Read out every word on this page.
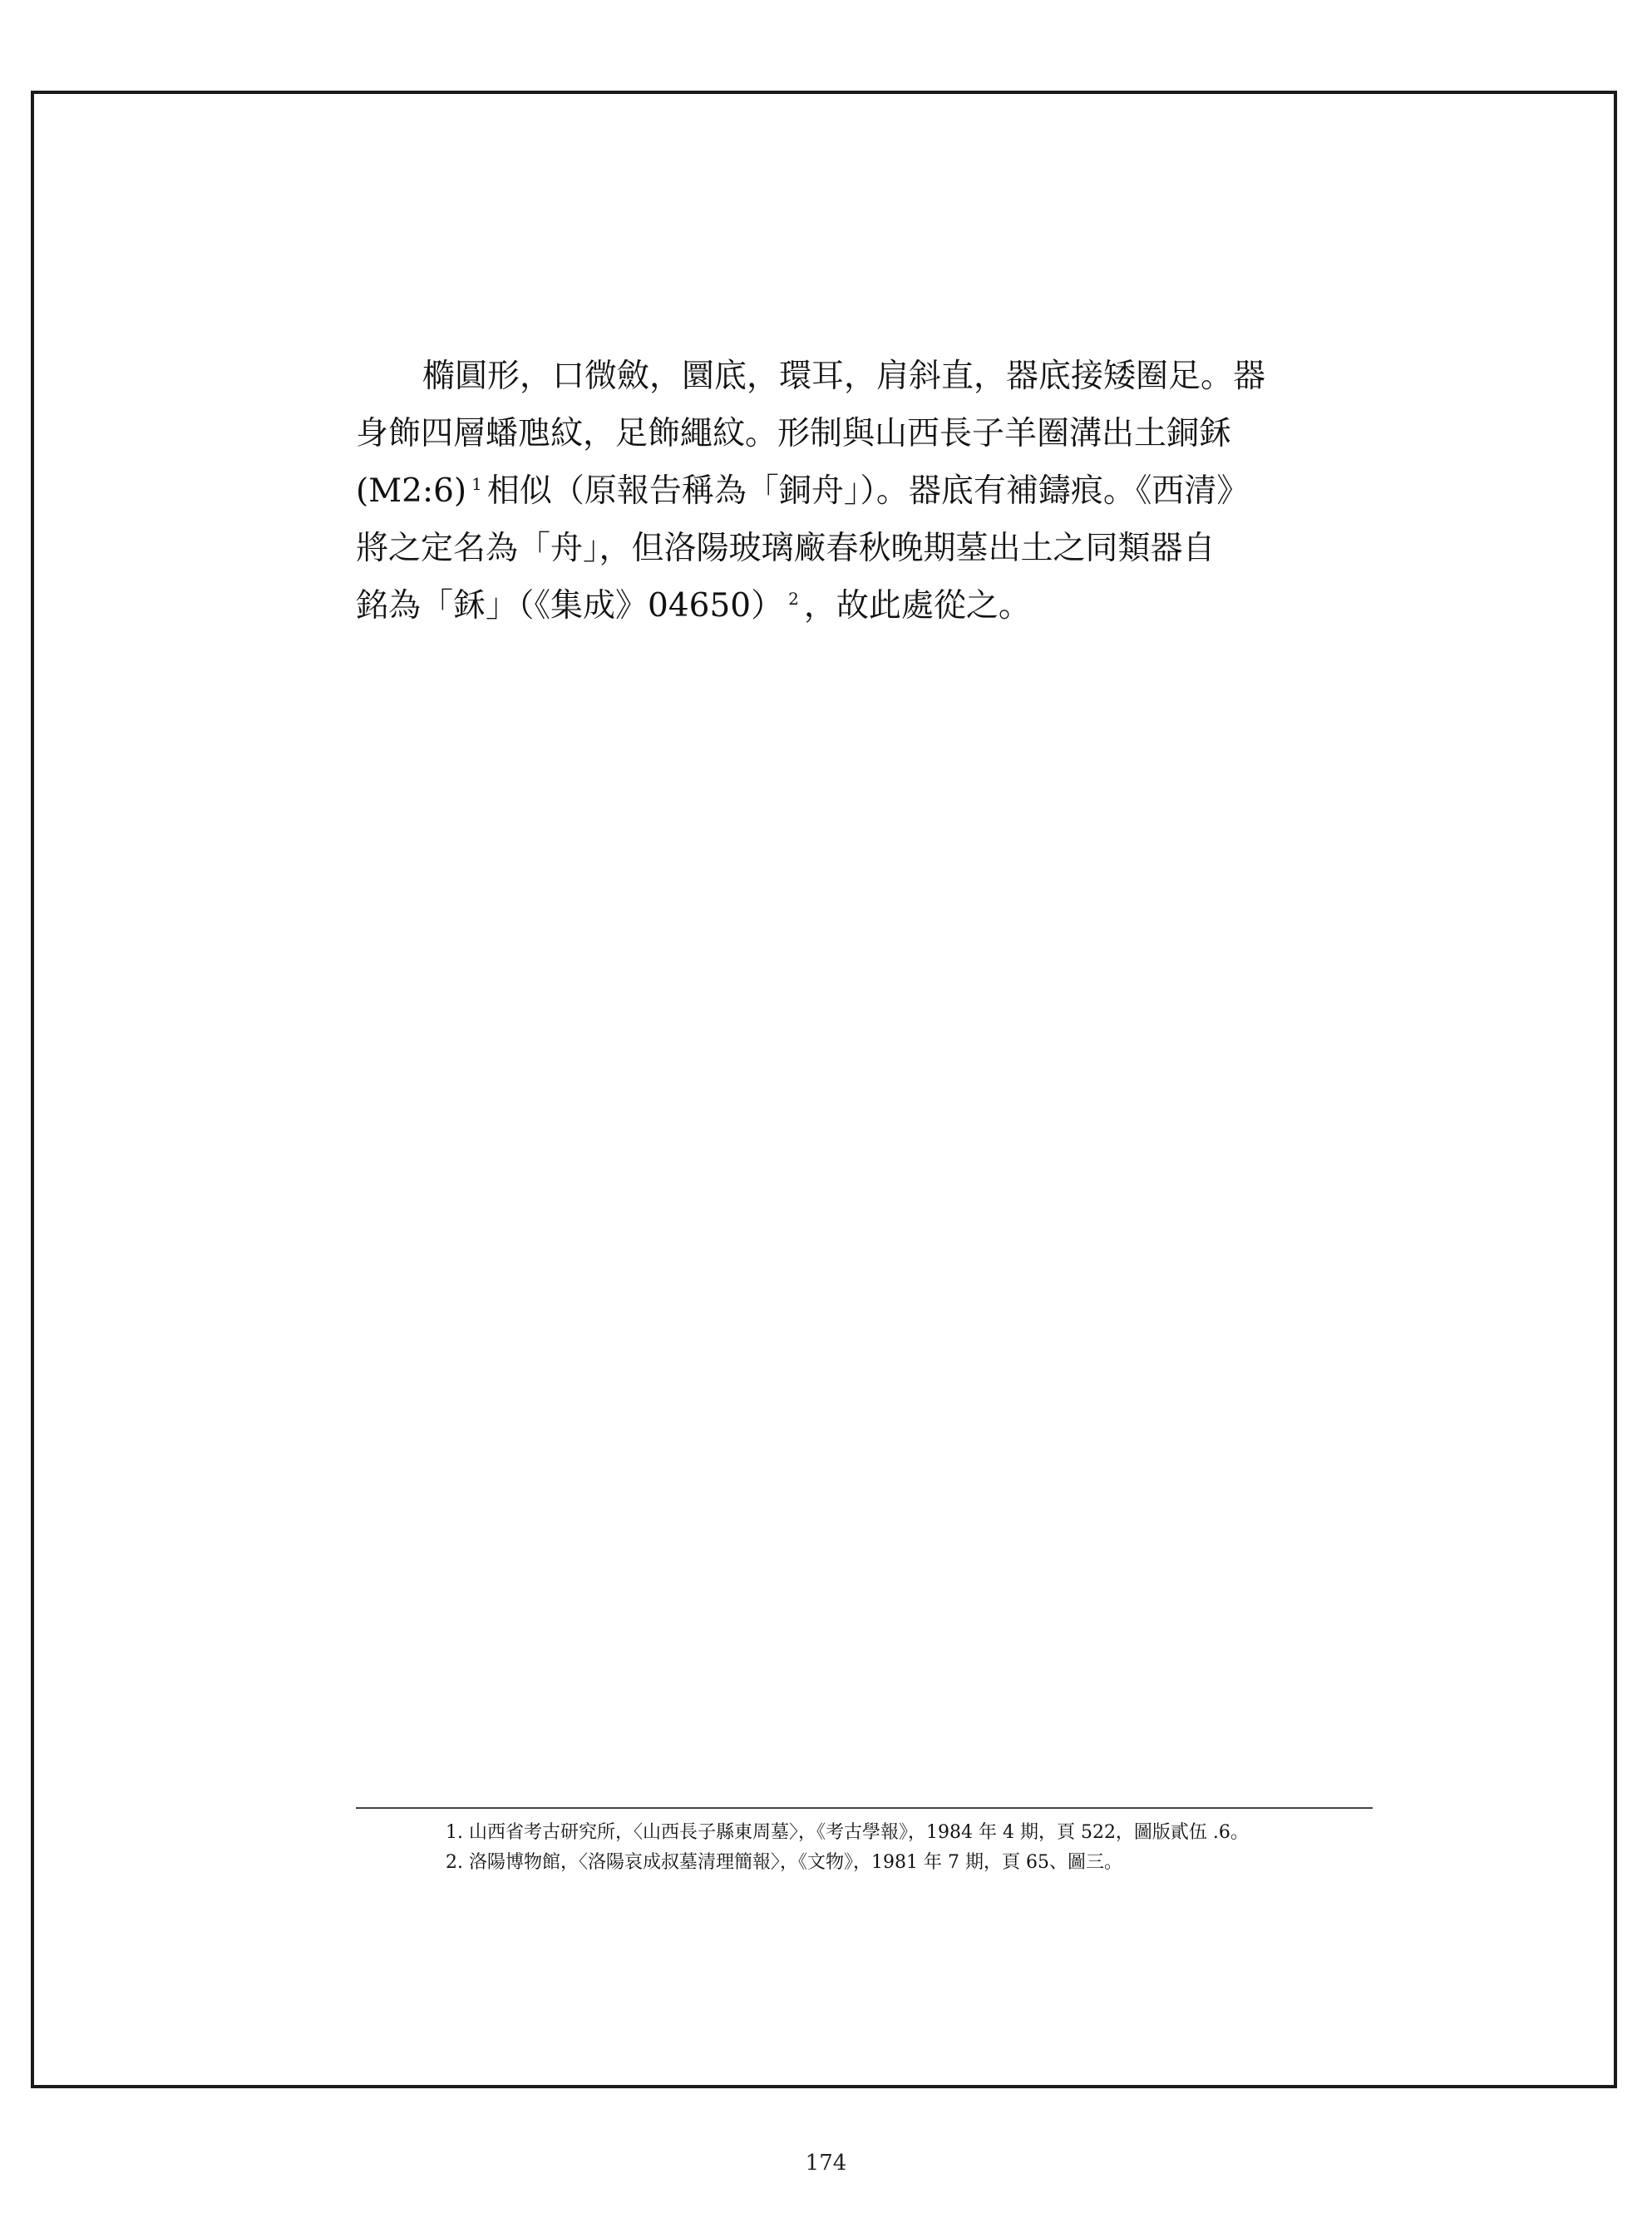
橢圓形，口微斂，圜底，環耳，肩斜直，器底接矮圈足。器
身飾四層蟠虺紋，足飾繩紋。形制與山西長子羊圈溝出土銅鉌
(M2:6) $^1$ 相似（原報告稱為「銅舟」）。器底有補鑄痕。《西清》
將之定名為「舟」，但洛陽玻璃廠春秋晚期墓出土之同類器自
銘為「鉌」（《集成》04650） $^2$ ，故此處從之。
1. 山西省考古研究所，〈山西長子縣東周墓〉，《考古學報》，1984 年 4 期，頁 522，圖版貳伍 .6。
2. 洛陽博物館，〈洛陽哀成叔墓清理簡報〉，《文物》，1981 年 7 期，頁 65、圖三。
174
